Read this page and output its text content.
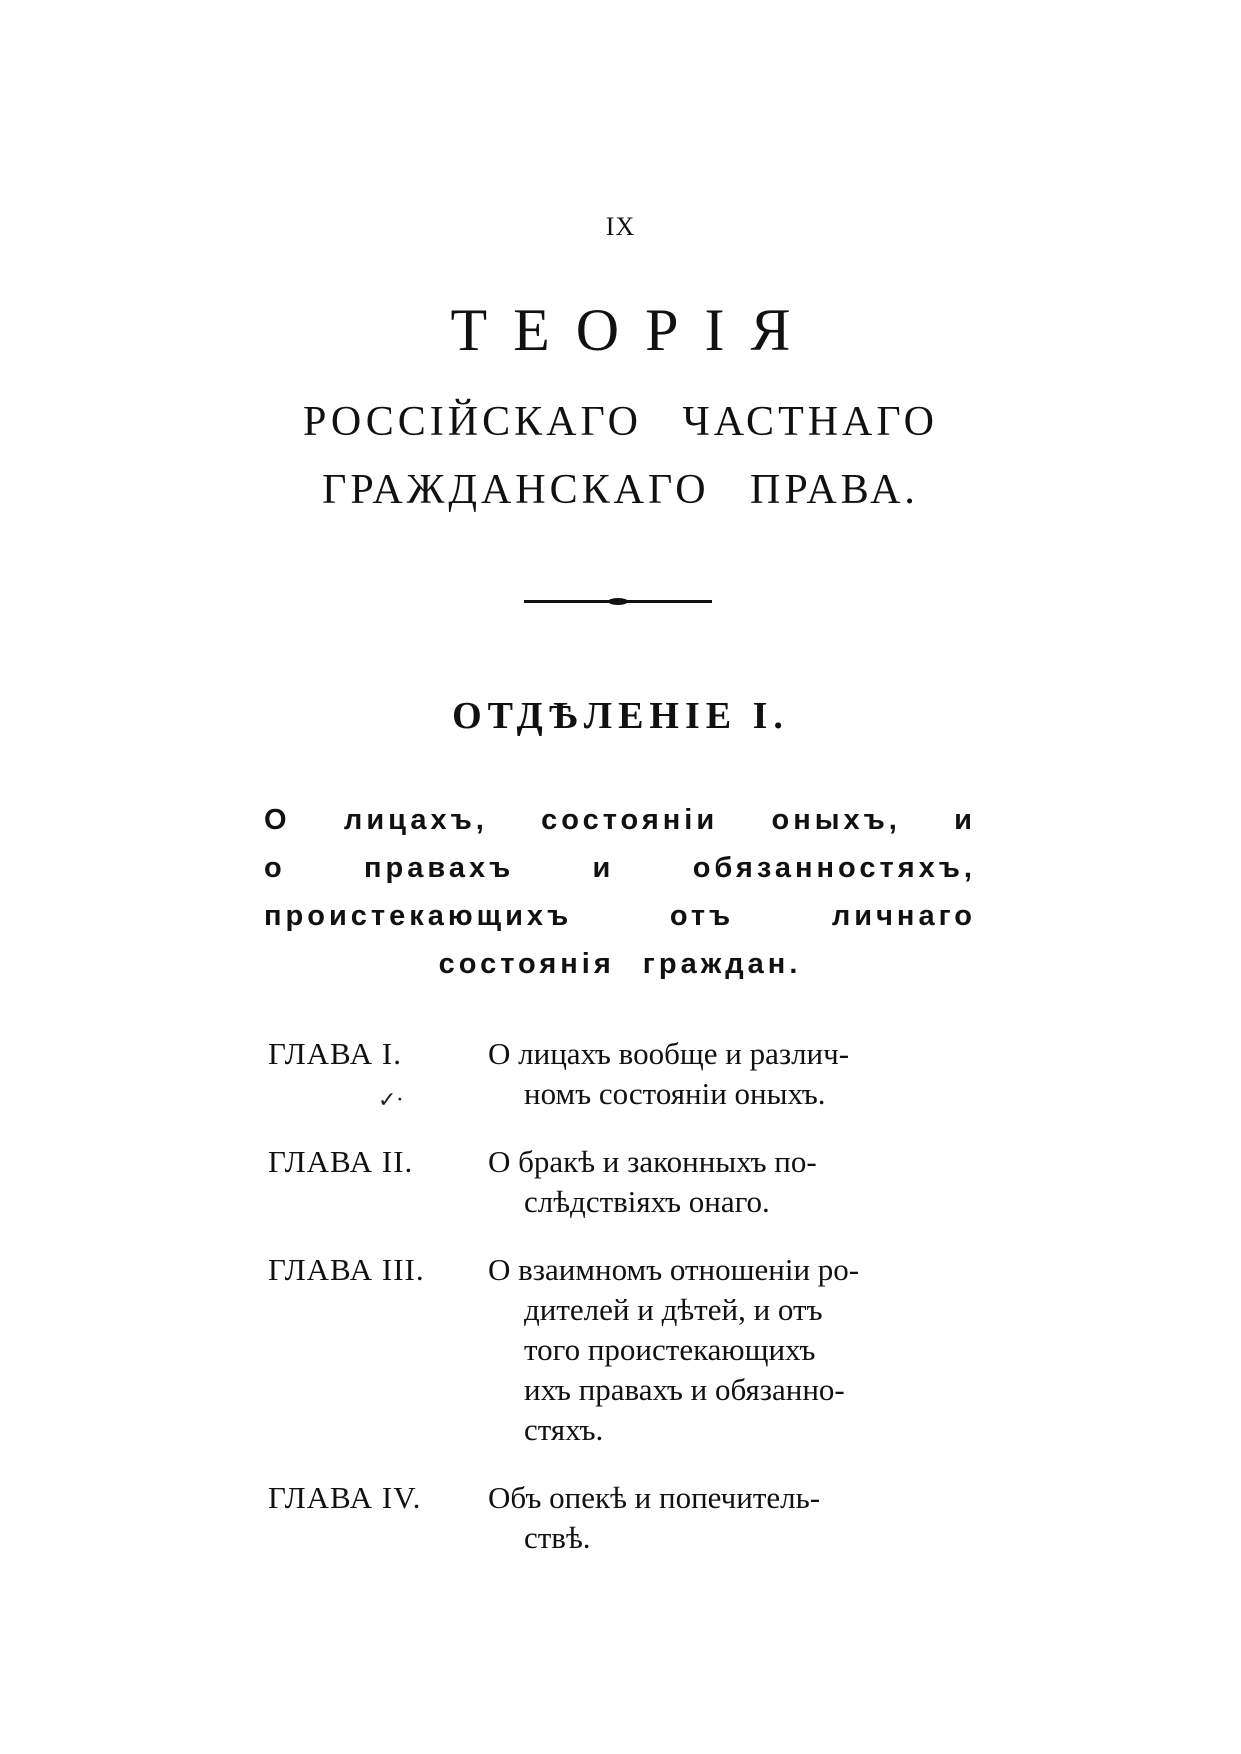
IX
ТЕОРІЯ
РОССІЙСКАГО ЧАСТНАГО
ГРАЖДАНСКАГО ПРАВА.
ОТДѢЛЕНІЕ I.
О лицахъ, состоянiи оныхъ, и
о	правахъ	и	обязанностяхъ,
проистекающихъ	отъ	личнаго
состоянiя граждан.
✓·
ГЛАВА I.	О лицахъ вообще и различ-
номъ состояніи оныхъ.
ГЛАВА II.	О бракѣ и законныхъ по-
слѣдствіяхъ онаго.
ГЛАВА III.	О взаимномъ отношеніи ро-
дителей и дѣтей, и отъ
того проистекающихъ
ихъ правахъ и обязанно-
стяхъ.
ГЛАВА IV.	Объ опекѣ и попечитель-
ствѣ.
